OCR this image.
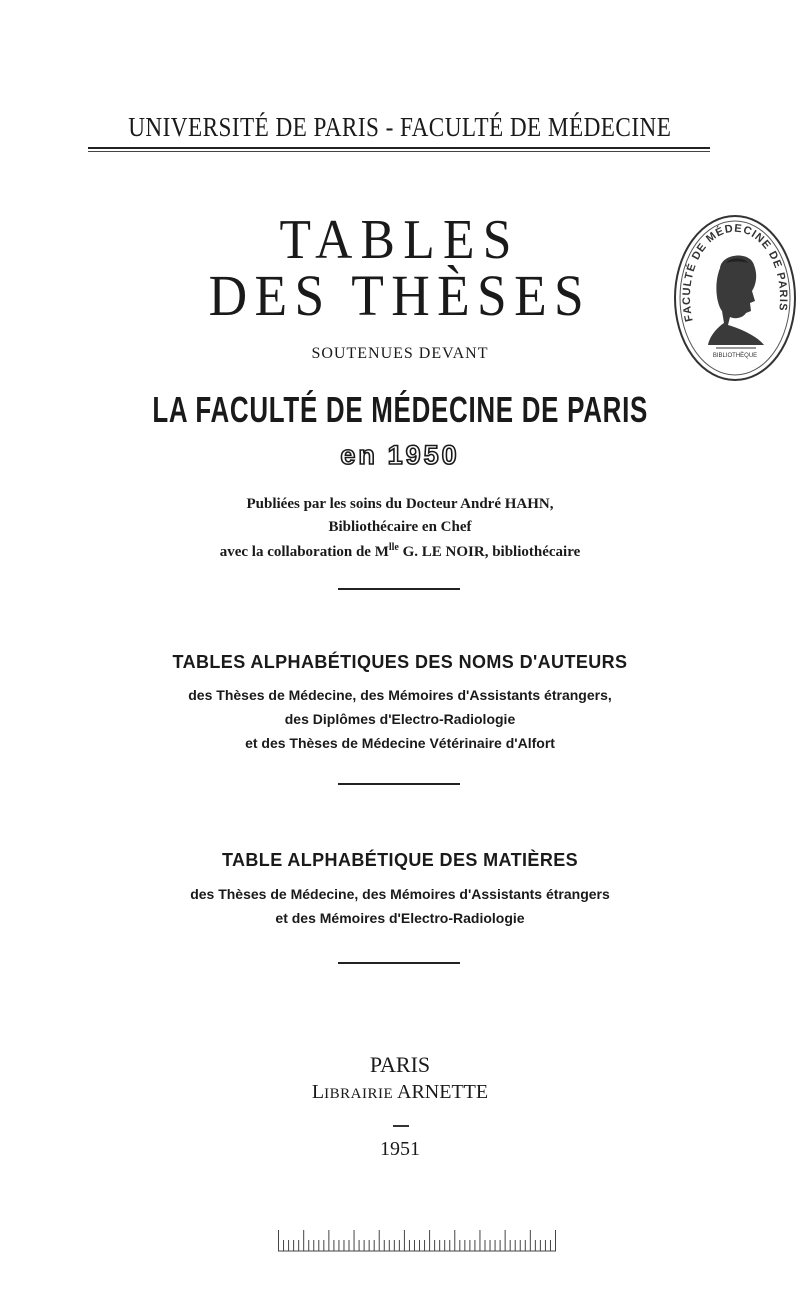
UNIVERSITÉ DE PARIS - FACULTÉ DE MÉDECINE
TABLES
DES THÈSES
SOUTENUES DEVANT
LA FACULTÉ DE MÉDECINE DE PARIS
en 1950
Publiées par les soins du Docteur André HAHN,
Bibliothécaire en Chef
avec la collaboration de $M^{lle}$ G. LE NOIR, bibliothécaire
TABLES ALPHABÉTIQUES DES NOMS D'AUTEURS
des Thèses de Médecine, des Mémoires d'Assistants étrangers,
des Diplômes d'Electro-Radiologie
et des Thèses de Médecine Vétérinaire d'Alfort
TABLE ALPHABÉTIQUE DES MATIÈRES
des Thèses de Médecine, des Mémoires d'Assistants étrangers
et des Mémoires d'Electro-Radiologie
PARIS
LIBRAIRIE ARNETTE
1951
FACULTÉ DE MÉDECINE DE PARIS
BIBLIOTHÈQUE
